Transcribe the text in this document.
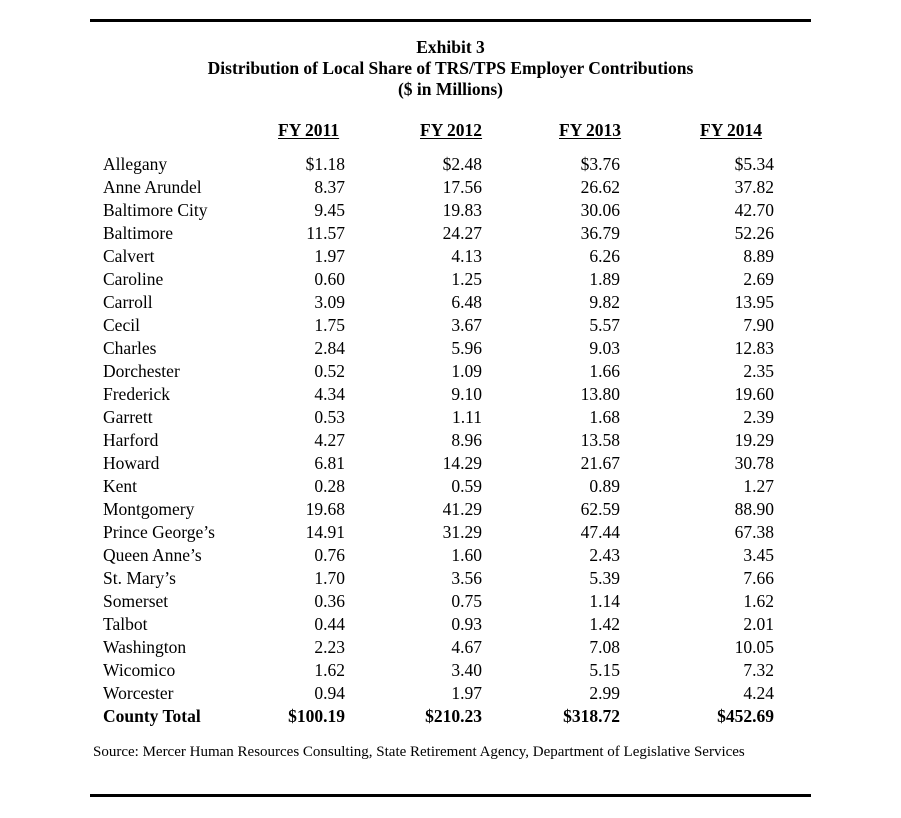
Exhibit 3
Distribution of Local Share of TRS/TPS Employer Contributions
($ in Millions)
FY 2011	FY 2012	FY 2013	FY 2014
Allegany	$1.18	$2.48	$3.76	$5.34
Anne Arundel	8.37	17.56	26.62	37.82
Baltimore City	9.45	19.83	30.06	42.70
Baltimore	11.57	24.27	36.79	52.26
Calvert	1.97	4.13	6.26	8.89
Caroline	0.60	1.25	1.89	2.69
Carroll	3.09	6.48	9.82	13.95
Cecil	1.75	3.67	5.57	7.90
Charles	2.84	5.96	9.03	12.83
Dorchester	0.52	1.09	1.66	2.35
Frederick	4.34	9.10	13.80	19.60
Garrett	0.53	1.11	1.68	2.39
Harford	4.27	8.96	13.58	19.29
Howard	6.81	14.29	21.67	30.78
Kent	0.28	0.59	0.89	1.27
Montgomery	19.68	41.29	62.59	88.90
Prince George’s	14.91	31.29	47.44	67.38
Queen Anne’s	0.76	1.60	2.43	3.45
St. Mary’s	1.70	3.56	5.39	7.66
Somerset	0.36	0.75	1.14	1.62
Talbot	0.44	0.93	1.42	2.01
Washington	2.23	4.67	7.08	10.05
Wicomico	1.62	3.40	5.15	7.32
Worcester	0.94	1.97	2.99	4.24
County Total	$100.19	$210.23	$318.72	$452.69
Source: Mercer Human Resources Consulting, State Retirement Agency, Department of Legislative Services
